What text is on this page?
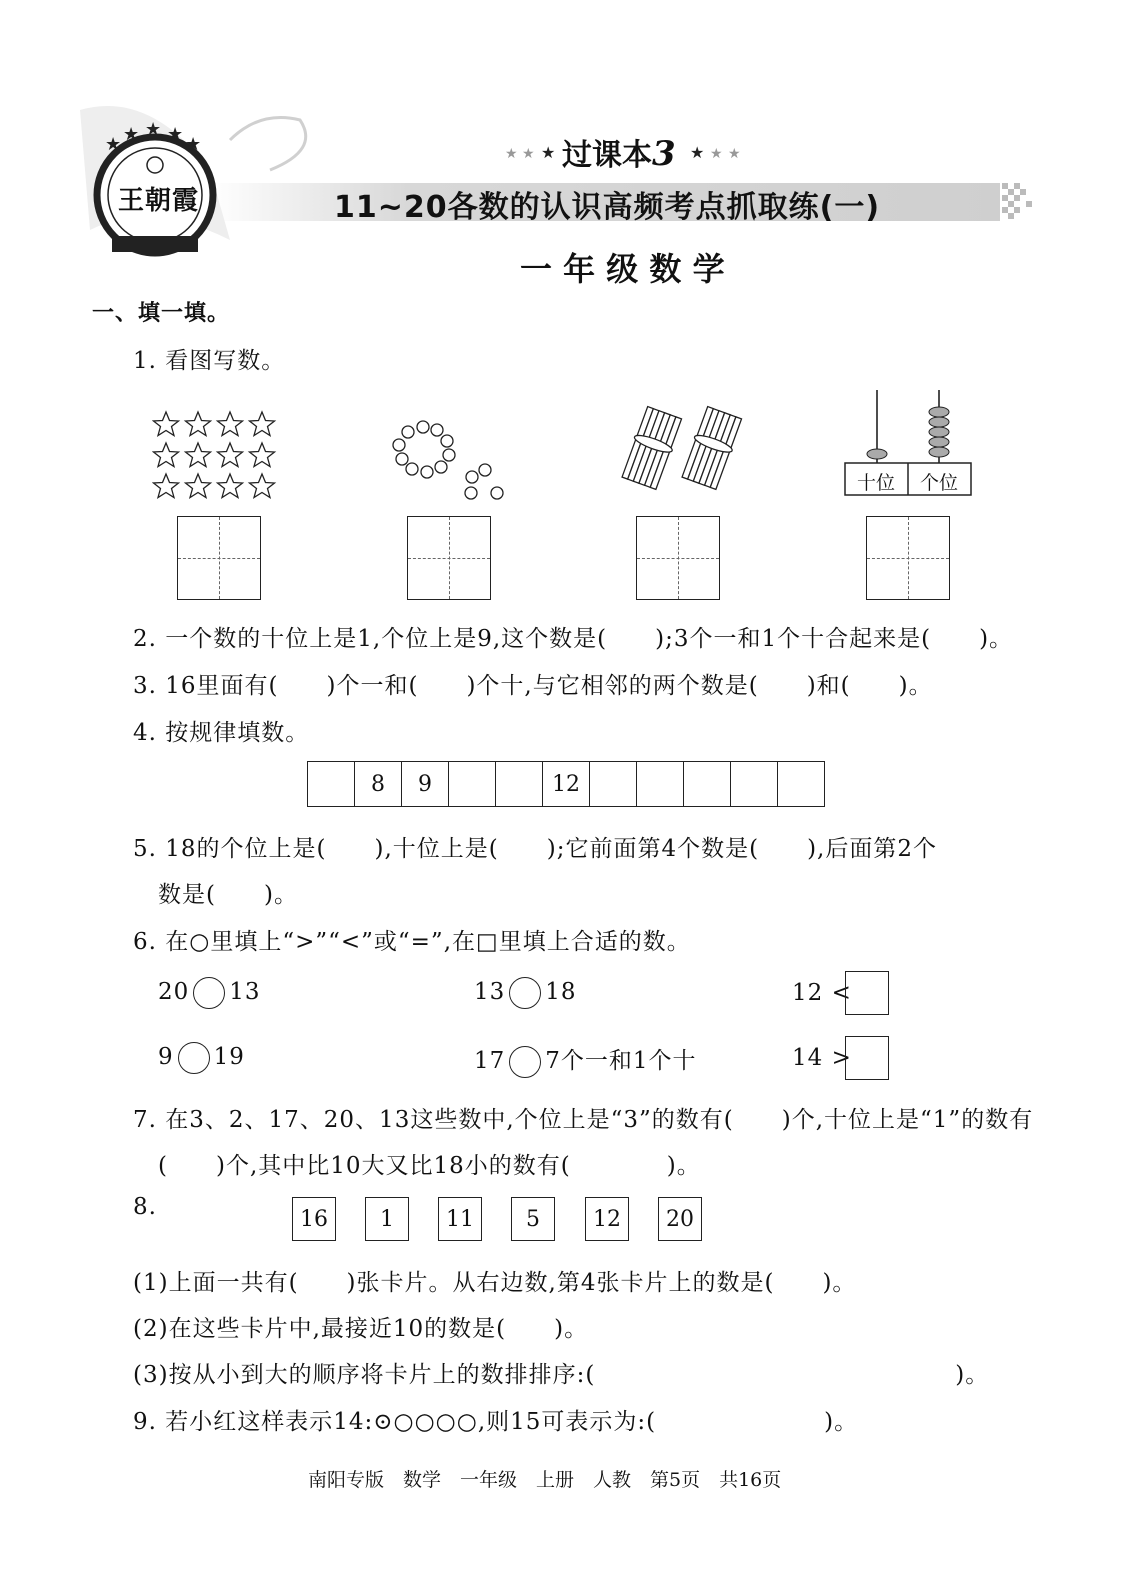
★ ★	★ ★
★	★
★ ★ ★ ★ ★
王朝霞
过课本3
11~20各数的认识高频考点抓取练(一)
一 年 级 数 学
一、填一填。
1. 看图写数。
十位 个位
2. 一个数的十位上是1,个位上是9,这个数是(　　);3个一和1个十合起来是(　　)。
3. 16里面有(　　)个一和(　　)个十,与它相邻的两个数是(　　)和(　　)。
4. 按规律填数。
	8	9			12					
5. 18的个位上是(　　),十位上是(　　);它前面第4个数是(　　),后面第2个
数是(　　)。
6. 在○里填上“>”“<”或“=”,在□里填上合适的数。
20 13	13 18	12 <
9 19	17 7个一和1个十	14 >
7. 在3、2、17、20、13这些数中,个位上是“3”的数有(　　)个,十位上是“1”的数有
(　　)个,其中比10大又比18小的数有(　　　　)。
8.	16	1	11	5	12	20
(1)上面一共有(　　)张卡片。从右边数,第4张卡片上的数是(　　)。
(2)在这些卡片中,最接近10的数是(　　)。
(3)按从小到大的顺序将卡片上的数排排序:(　　　　　　　　　　　　　　　)。
9. 若小红这样表示14:⊙○○○○,则15可表示为:(　　　　　　　)。
南阳专版　数学　一年级　上册　人教　第5页　共16页
